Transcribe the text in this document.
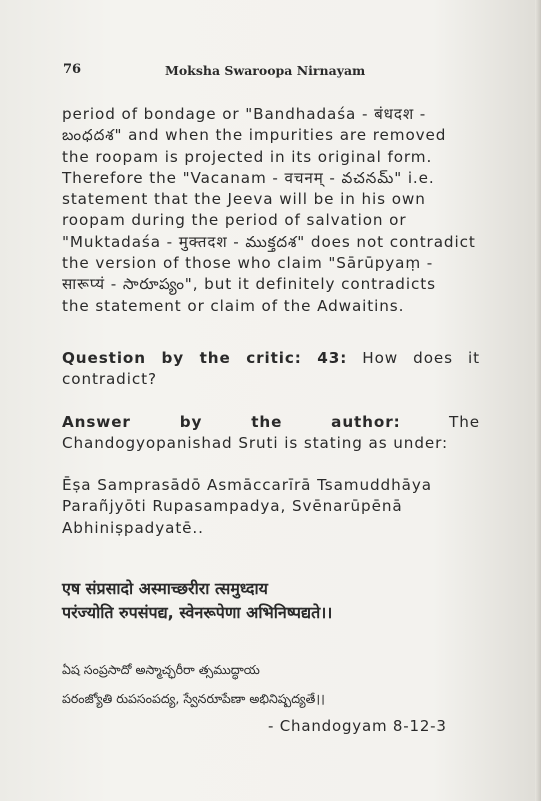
76	Moksha Swaroopa Nirnayam
period of bondage or "Bandhadaśa - बंधदश -
బంధదశ" and when the impurities are removed
the roopam is projected in its original form.
Therefore the "Vacanam - वचनम् - వచనమ్" i.e.
statement that the Jeeva will be in his own
roopam during the period of salvation or
"Muktadaśa - मुक्तदश - ముక్తదశ" does not contradict
the version of those who claim "Sārūpyaṃ -
सारूप्यं - సారూప్యం", but it definitely contradicts
the statement or claim of the Adwaitins.
Question by the critic: 43: How does it contradict?
Answer by the author: The Chandogyopanishad Sruti is stating as under:
Ēṣa Samprasādō Asmāccarīrā Tsamuddhāya
Parañjyōti Rupasampadya, Svēnarūpēnā
Abhiniṣpadyatē..
एष संप्रसादो अस्माच्छरीरा त्समुध्दाय
परंज्योति रुपसंपद्य, स्वेनरूपेणा अभिनिष्पद्यते।।
ఏష సంప్రసాదో అస్మాచ్ఛరీరా త్సముద్ధాయ
పరంజ్యోతి రుపసంపద్య, స్వేనరూపేణా అభినిష్పద్యతే।।
- Chandogyam 8-12-3
